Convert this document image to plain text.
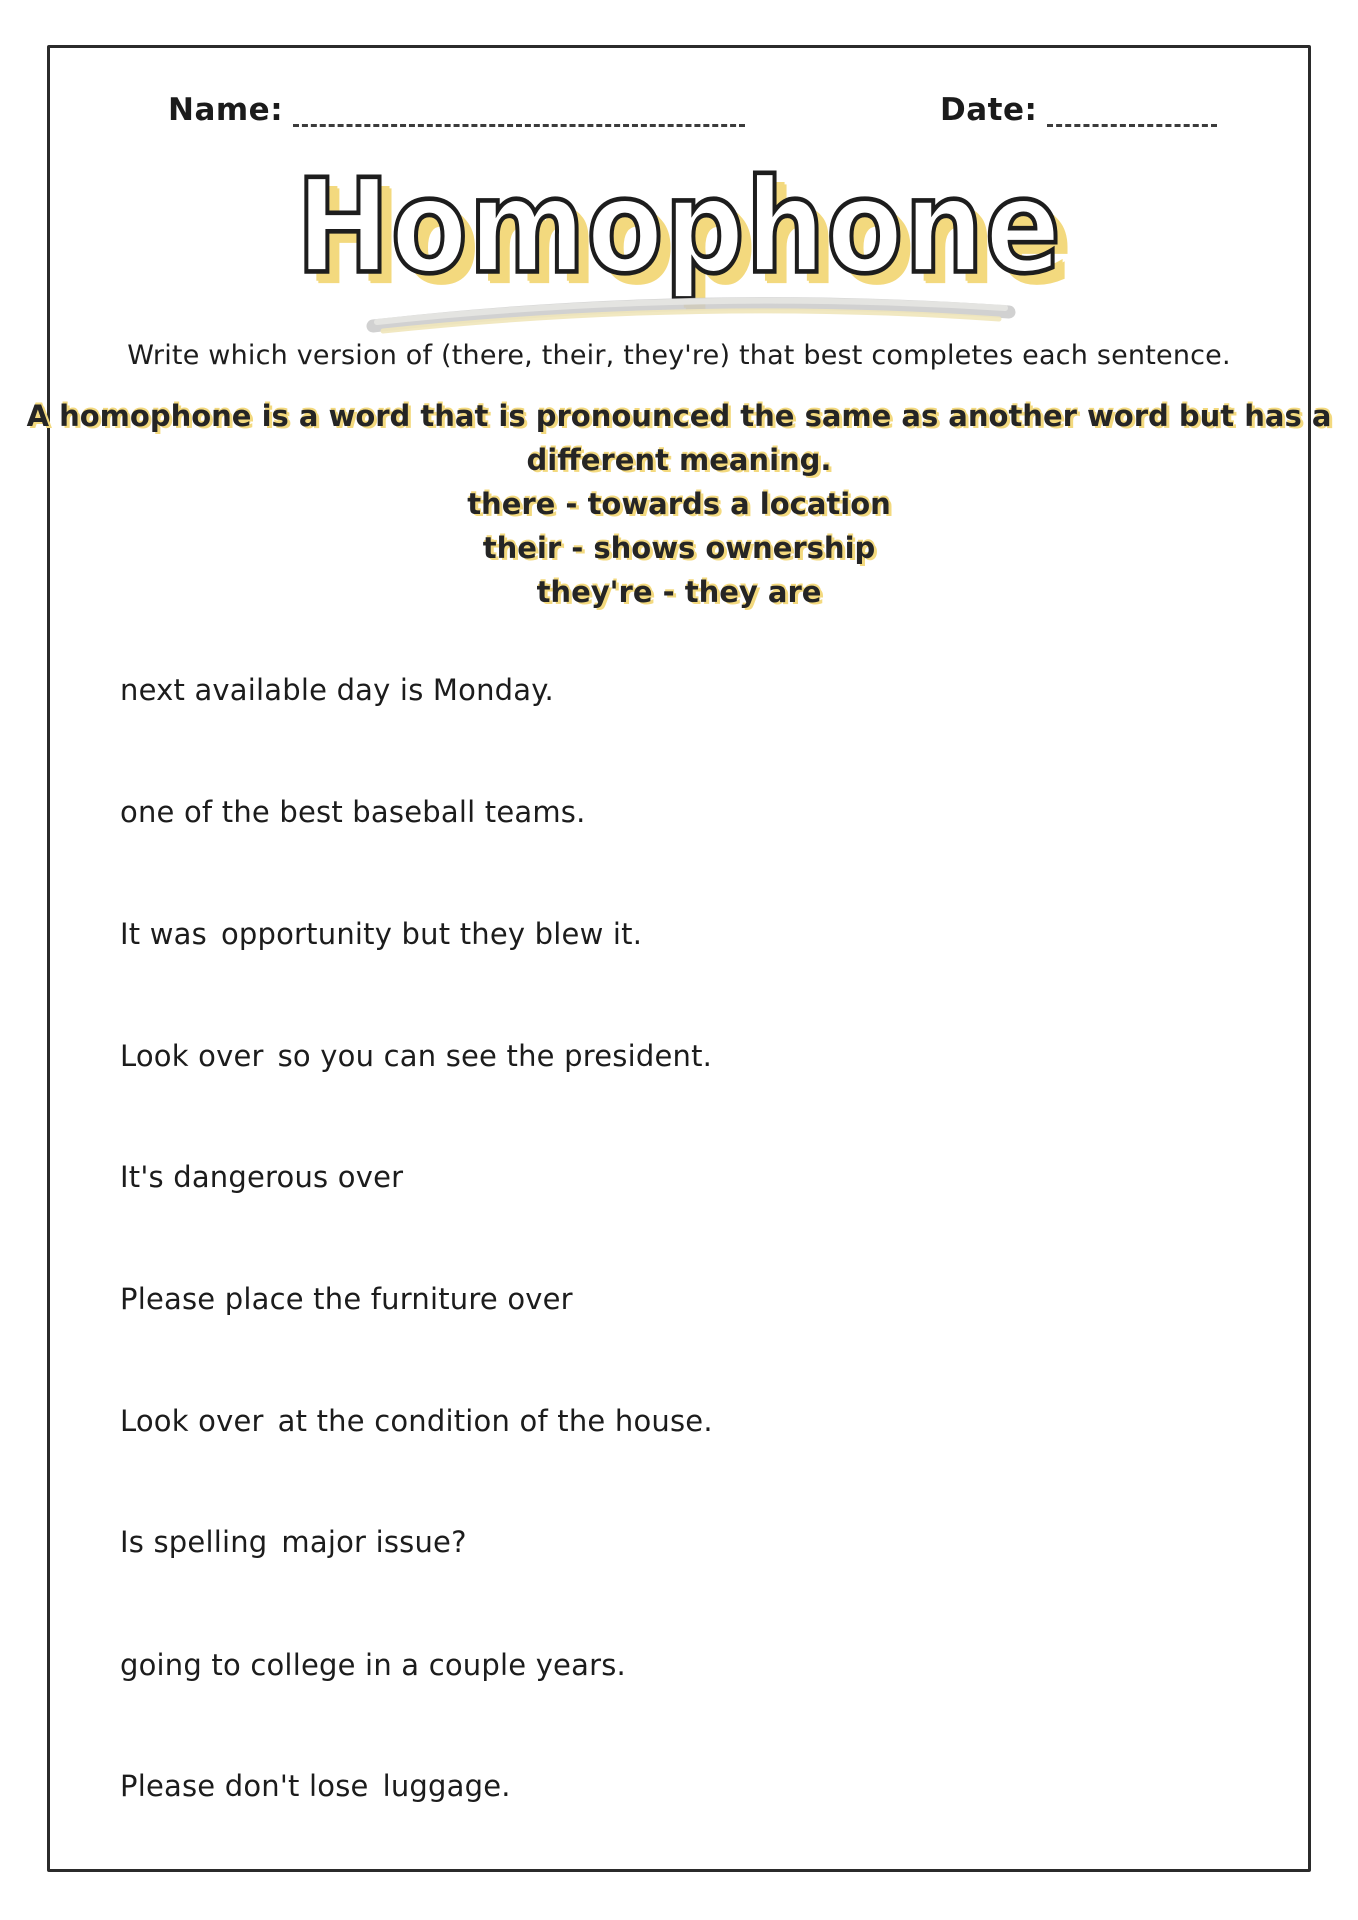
Name:	Date:
Homophone
Write which version of (there, their, they're) that best completes each sentence.
A homophone is a word that is pronounced the same as another word but has a
different meaning.
there - towards a location
their - shows ownership
they're - they are
next available day is Monday.
one of the best baseball teams.
It was opportunity but they blew it.
Look over so you can see the president.
It's dangerous over
Please place the furniture over
Look over at the condition of the house.
Is spelling major issue?
going to college in a couple years.
Please don't lose luggage.
